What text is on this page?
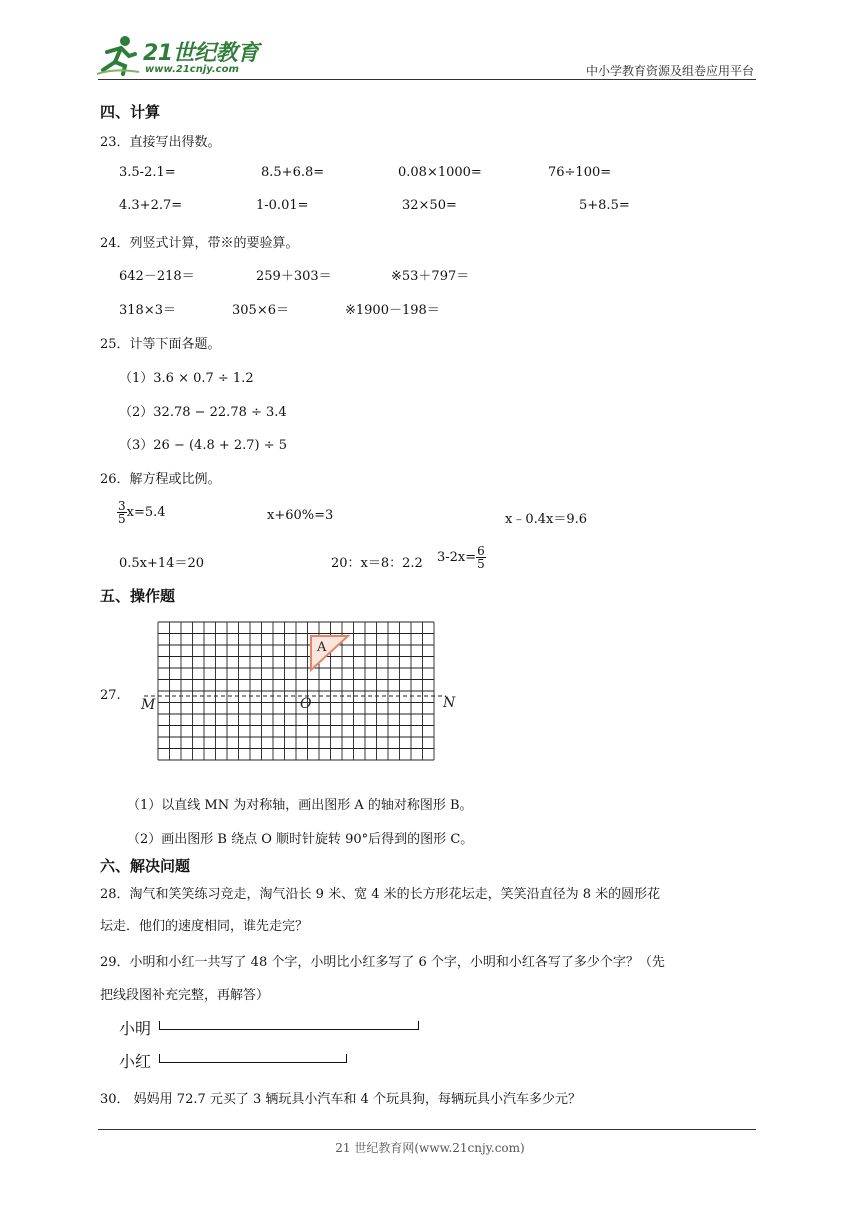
21世纪教育
www.21cnjy.com	中小学教育资源及组卷应用平台
四、计算
23．直接写出得数。
3.5-2.1=	8.5+6.8=	0.08×1000=	76÷100=
4.3+2.7=	1-0.01=	32×50=	5+8.5=
24．列竖式计算，带※的要验算。
642－218＝	259＋303＝	※53＋797＝
318×3＝	305×6＝	※1900－198＝
25．计等下面各题。
（1）3.6 × 0.7 ÷ 1.2
（2）32.78 − 22.78 ÷ 3.4
（3）26 − (4.8 + 2.7) ÷ 5
26．解方程或比例。
$\frac{3}{5} x=5.4$	x+60%=3	x﹣0.4x＝9.6
0.5x+14＝20	20：x＝8：2.2 $3-2x= \frac{6}{5}$
五、操作题
27.
A
M	O	N
（1）以直线 MN 为对称轴，画出图形 A 的轴对称图形 B。
（2）画出图形 B 绕点 O 顺时针旋转 90°后得到的图形 C。
六、解决问题
28．淘气和笑笑练习竞走，淘气沿长 9 米、宽 4 米的长方形花坛走，笑笑沿直径为 8 米的圆形花
坛走．他们的速度相同，谁先走完？
29．小明和小红一共写了 48 个字，小明比小红多写了 6 个字，小明和小红各写了多少个字？（先
把线段图补充完整，再解答）
小明
小红
30． 妈妈用 72.7 元买了 3 辆玩具小汽车和 4 个玩具狗，每辆玩具小汽车多少元？
21 世纪教育网(www.21cnjy.com)
